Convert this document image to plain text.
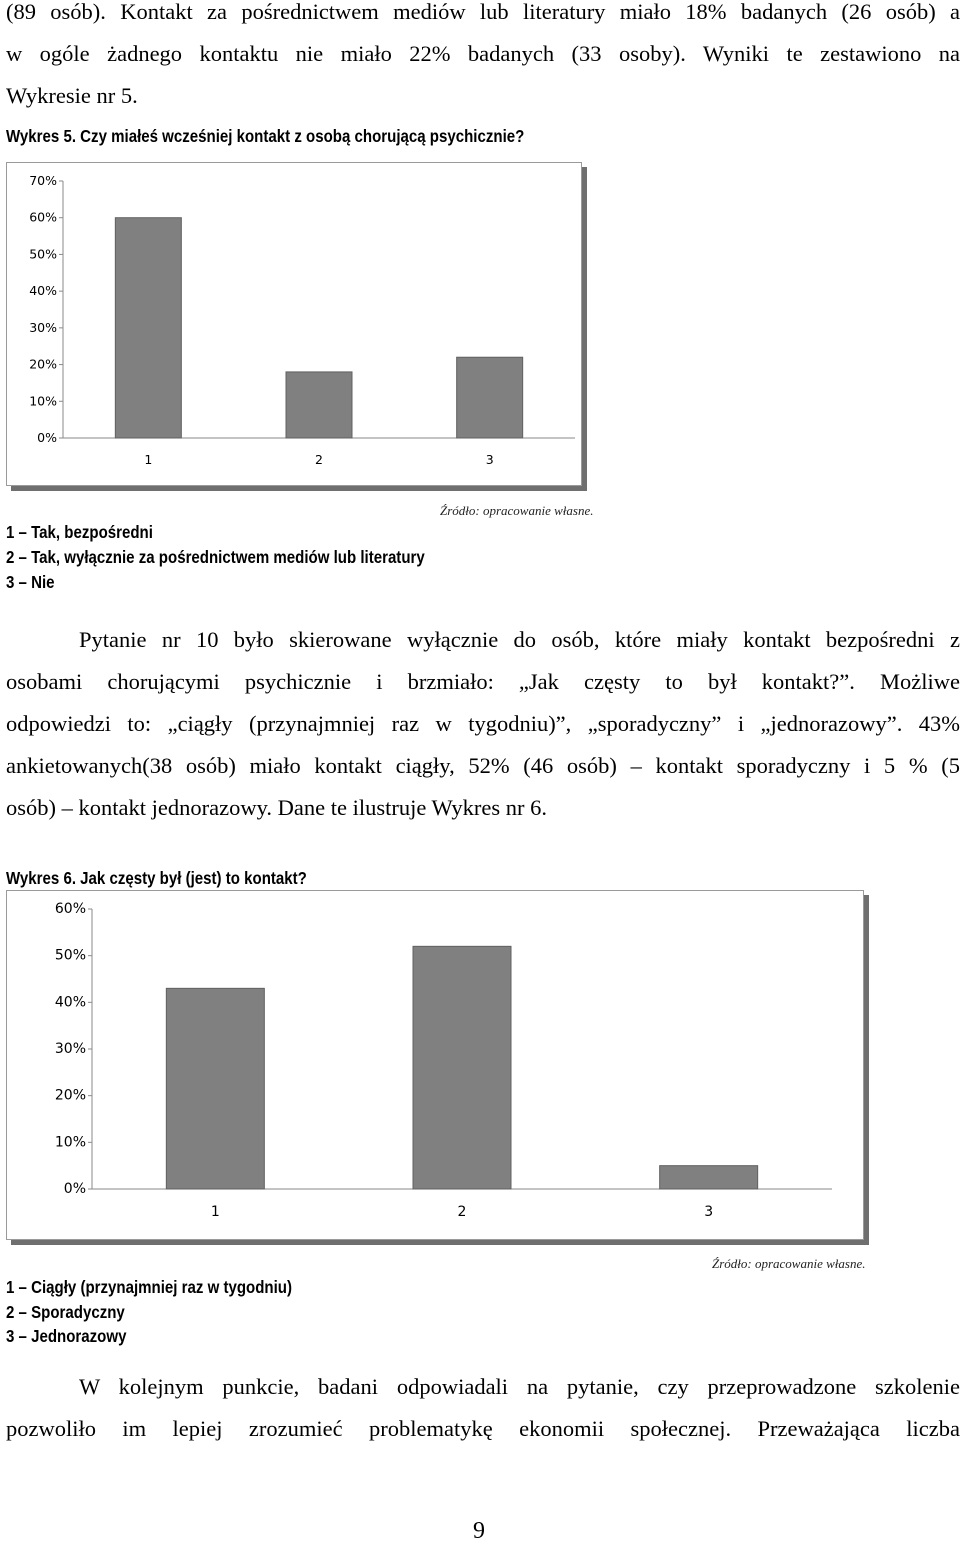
(89 osób). Kontakt za pośrednictwem mediów lub literatury miało 18% badanych (26 osób) a
w ogóle żadnego kontaktu nie miało 22% badanych (33 osoby). Wyniki te zestawiono na
Wykresie nr 5.
Wykres 5. Czy miałeś wcześniej kontakt z osobą chorującą psychicznie?
0%
10%
20%
30%
40%
50%
60%
70%
1	2	3
Źródło: opracowanie własne.
1 – Tak, bezpośredni
2 – Tak, wyłącznie za pośrednictwem mediów lub literatury
3 – Nie
Pytanie nr 10 było skierowane wyłącznie do osób, które miały kontakt bezpośredni z
osobami chorującymi psychicznie i brzmiało: „Jak częsty to był kontakt?”. Możliwe
odpowiedzi to: „ciągły (przynajmniej raz w tygodniu)”, „sporadyczny” i „jednorazowy”. 43%
ankietowanych(38 osób) miało kontakt ciągły, 52% (46 osób) – kontakt sporadyczny i 5 % (5
osób) – kontakt jednorazowy. Dane te ilustruje Wykres nr 6.
Wykres 6. Jak częsty był (jest) to kontakt?
0%
10%
20%
30%
40%
50%
60%
1	2	3
Źródło: opracowanie własne.
1 – Ciągły (przynajmniej raz w tygodniu)
2 – Sporadyczny
3 – Jednorazowy
W kolejnym punkcie, badani odpowiadali na pytanie, czy przeprowadzone szkolenie
pozwoliło im lepiej zrozumieć problematykę ekonomii społecznej. Przeważająca liczba
9
